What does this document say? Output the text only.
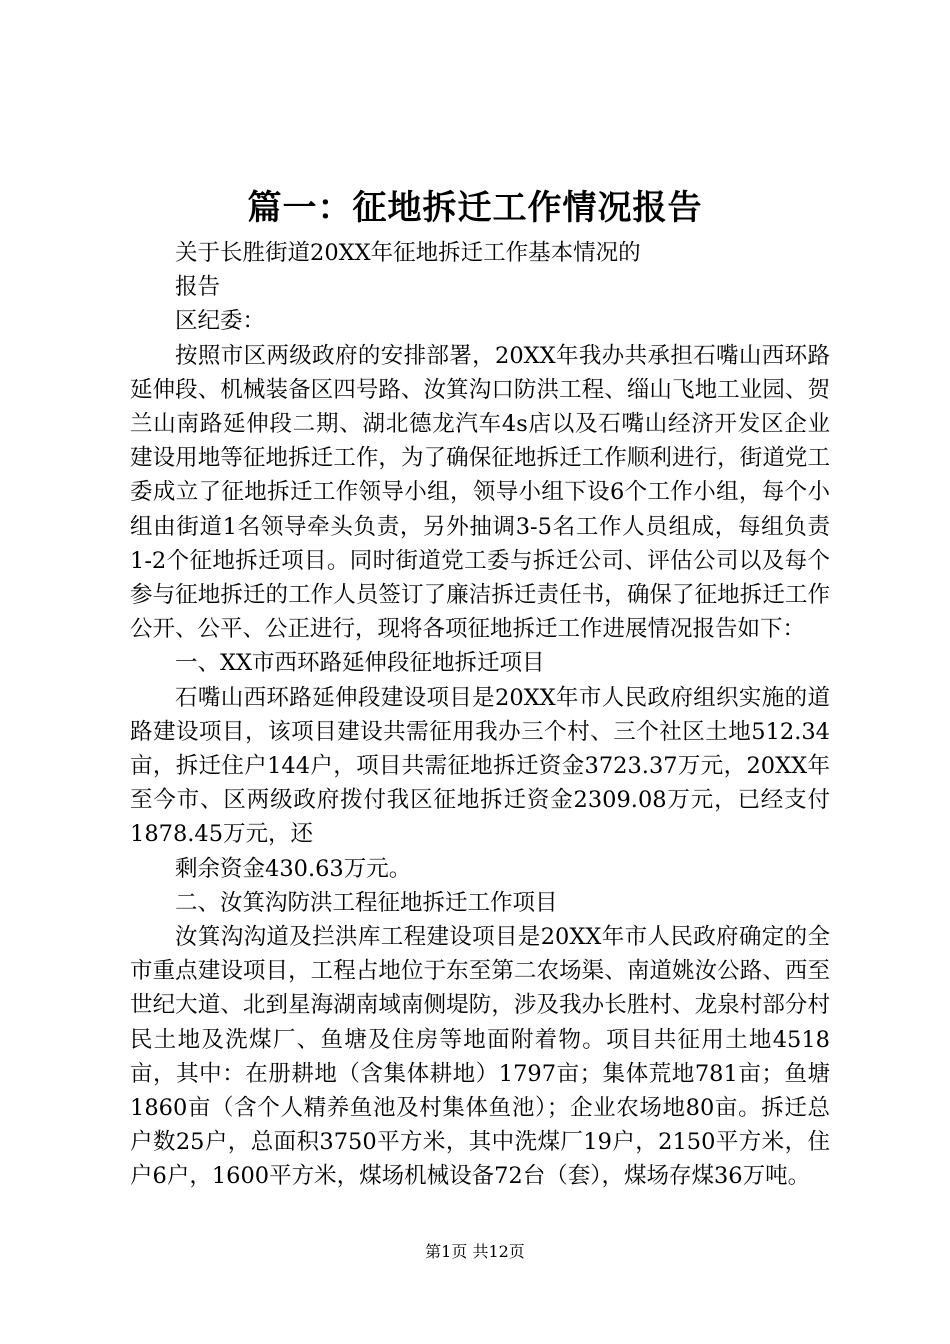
篇一：征地拆迁工作情况报告

关于长胜街道20XX年征地拆迁工作基本情况的

报告

区纪委：

按照市区两级政府的安排部署，20XX年我办共承担石嘴山西环路延伸段、机械装备区四号路、汝箕沟口防洪工程、缁山飞地工业园、贺兰山南路延伸段二期、湖北德龙汽车4s店以及石嘴山经济开发区企业建设用地等征地拆迁工作，为了确保征地拆迁工作顺利进行，街道党工委成立了征地拆迁工作领导小组，领导小组下设6个工作小组，每个小组由街道1名领导牵头负责，另外抽调3-5名工作人员组成，每组负责1-2个征地拆迁项目。同时街道党工委与拆迁公司、评估公司以及每个参与征地拆迁的工作人员签订了廉洁拆迁责任书，确保了征地拆迁工作公开、公平、公正进行，现将各项征地拆迁工作进展情况报告如下：

一、XX市西环路延伸段征地拆迁项目

石嘴山西环路延伸段建设项目是20XX年市人民政府组织实施的道路建设项目，该项目建设共需征用我办三个村、三个社区土地512.34亩，拆迁住户144户，项目共需征地拆迁资金3723.37万元，20XX年至今市、区两级政府拨付我区征地拆迁资金2309.08万元，已经支付1878.45万元，还

剩余资金430.63万元。

二、汝箕沟防洪工程征地拆迁工作项目

汝箕沟沟道及拦洪库工程建设项目是20XX年市人民政府确定的全市重点建设项目，工程占地位于东至第二农场渠、南道姚汝公路、西至世纪大道、北到星海湖南域南侧堤防，涉及我办长胜村、龙泉村部分村民土地及洗煤厂、鱼塘及住房等地面附着物。项目共征用土地4518亩，其中：在册耕地（含集体耕地）1797亩；集体荒地781亩；鱼塘1860亩（含个人精养鱼池及村集体鱼池）；企业农场地80亩。拆迁总户数25户，总面积3750平方米，其中洗煤厂19户，2150平方米，住户6户，1600平方米，煤场机械设备72台（套），煤场存煤36万吨。

第1页 共12页
